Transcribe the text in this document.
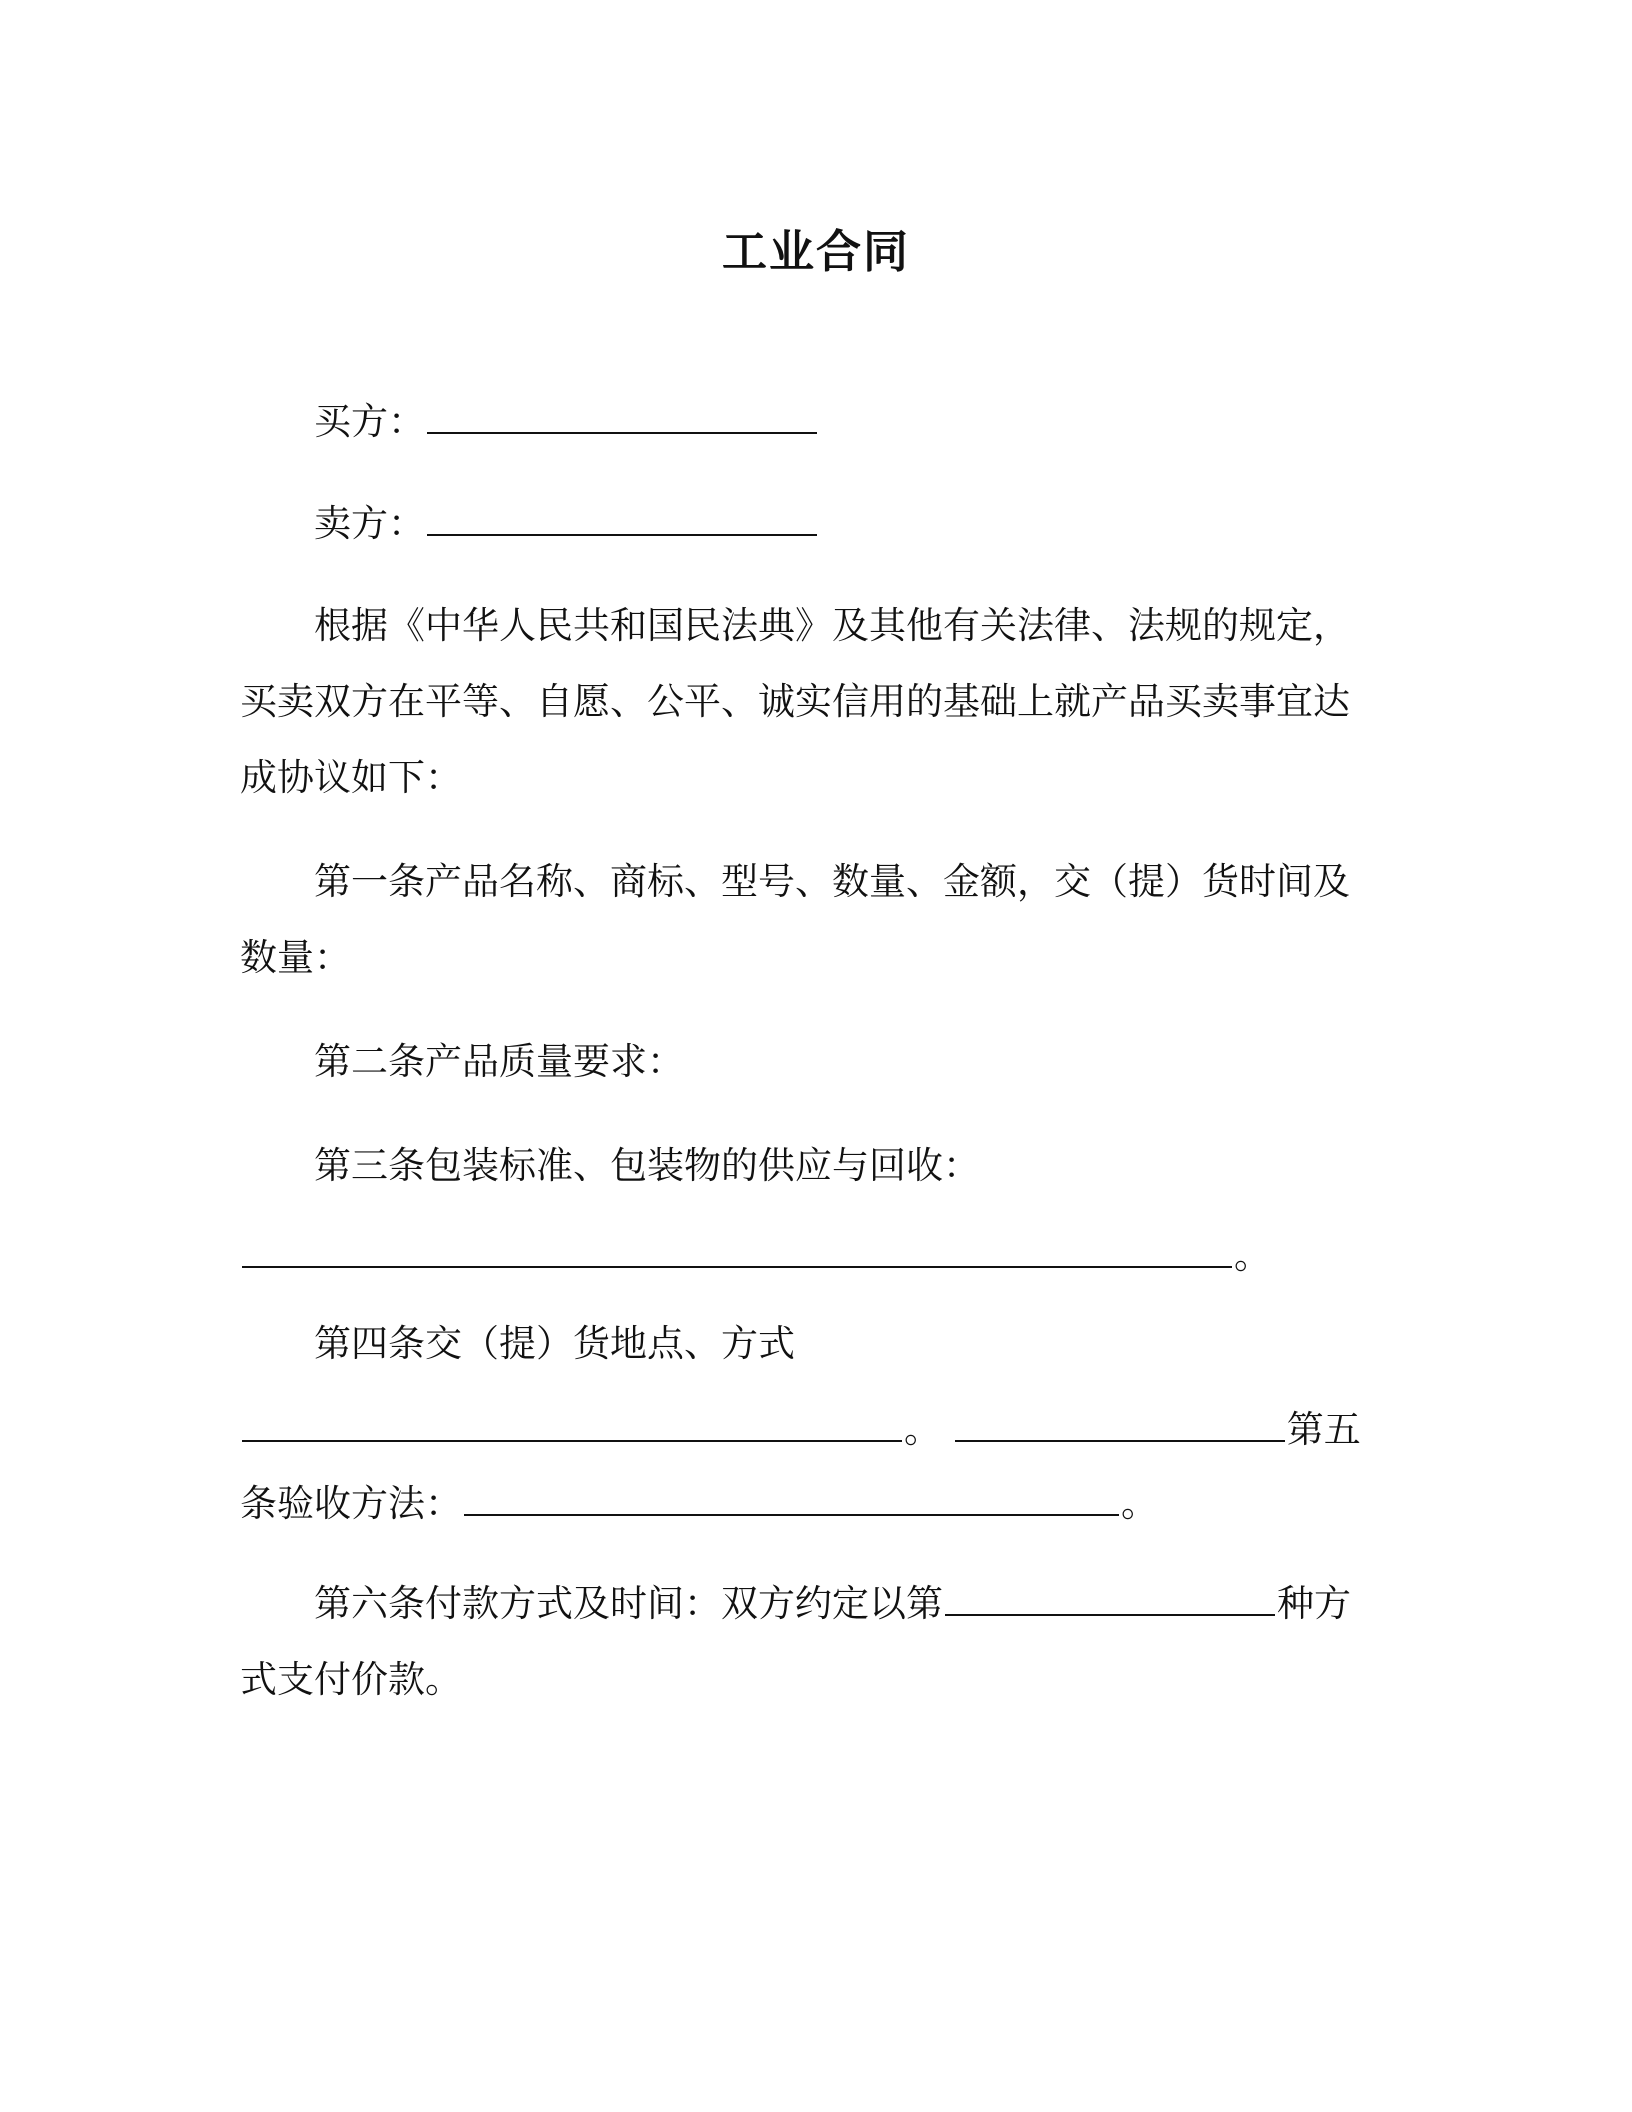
工业合同
买方：
卖方：
根据《中华人民共和国民法典》及其他有关法律、法规的规定，
买卖双方在平等、自愿、公平、诚实信用的基础上就产品买卖事宜达
成协议如下：
第一条产品名称、商标、型号、数量、金额，交（提）货时间及
数量：
第二条产品质量要求：
第三条包装标准、包装物的供应与回收：
。
第四条交（提）货地点、方式
。	第五
条验收方法：	。
第六条付款方式及时间：双方约定以第	种方
式支付价款。
